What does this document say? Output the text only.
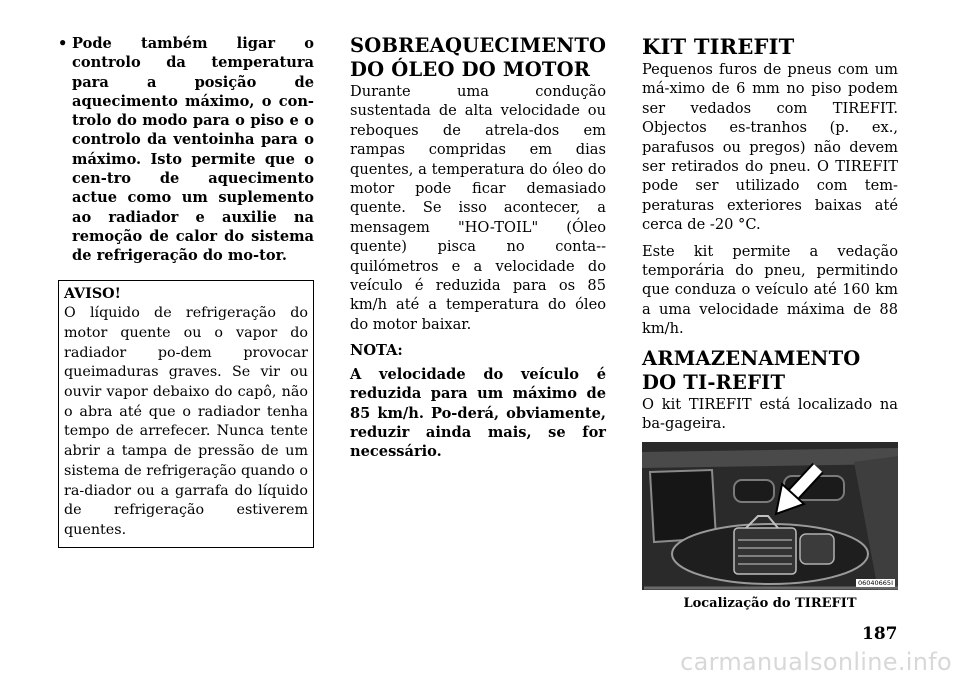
• Pode também ligar o controlo da temperatura para a posição de aquecimento máximo, o con-trolo do modo para o piso e o controlo da ventoinha para o máximo. Isto permite que o cen-tro de aquecimento actue como um suplemento ao radiador e auxilie na remoção de calor do sistema de refrigeração do mo-tor.
AVISO!
O líquido de refrigeração do motor quente ou o vapor do radiador po-dem provocar queimaduras graves. Se vir ou ouvir vapor debaixo do capô, não o abra até que o radiador tenha tempo de arrefecer. Nunca tente abrir a tampa de pressão de um sistema de refrigeração quando o ra-diador ou a garrafa do líquido de refrigeração estiverem quentes.
SOBREAQUECIMENTO DO ÓLEO DO MOTOR

Durante uma condução sustentada de alta velocidade ou reboques de atrela-dos em rampas compridas em dias quentes, a temperatura do óleo do motor pode ficar demasiado quente. Se isso acontecer, a mensagem "HO-TOIL" (Óleo quente) pisca no conta--quilómetros e a velocidade do veículo é reduzida para os 85 km/h até a temperatura do óleo do motor baixar.

NOTA:
A velocidade do veículo é reduzida para um máximo de 85 km/h. Po-derá, obviamente, reduzir ainda mais, se for necessário.
KIT TIREFIT

Pequenos furos de pneus com um má-ximo de 6 mm no piso podem ser vedados com TIREFIT. Objectos es-tranhos (p. ex., parafusos ou pregos) não devem ser retirados do pneu. O TIREFIT pode ser utilizado com tem-peraturas exteriores baixas até cerca de -20 °C.

Este kit permite a vedação temporária do pneu, permitindo que conduza o veículo até 160 km a uma velocidade máxima de 88 km/h.

ARMAZENAMENTO DO TI-REFIT

O kit TIREFIT está localizado na ba-gageira.

06040665I
Localização do TIREFIT
187
carmanualsonline.info
